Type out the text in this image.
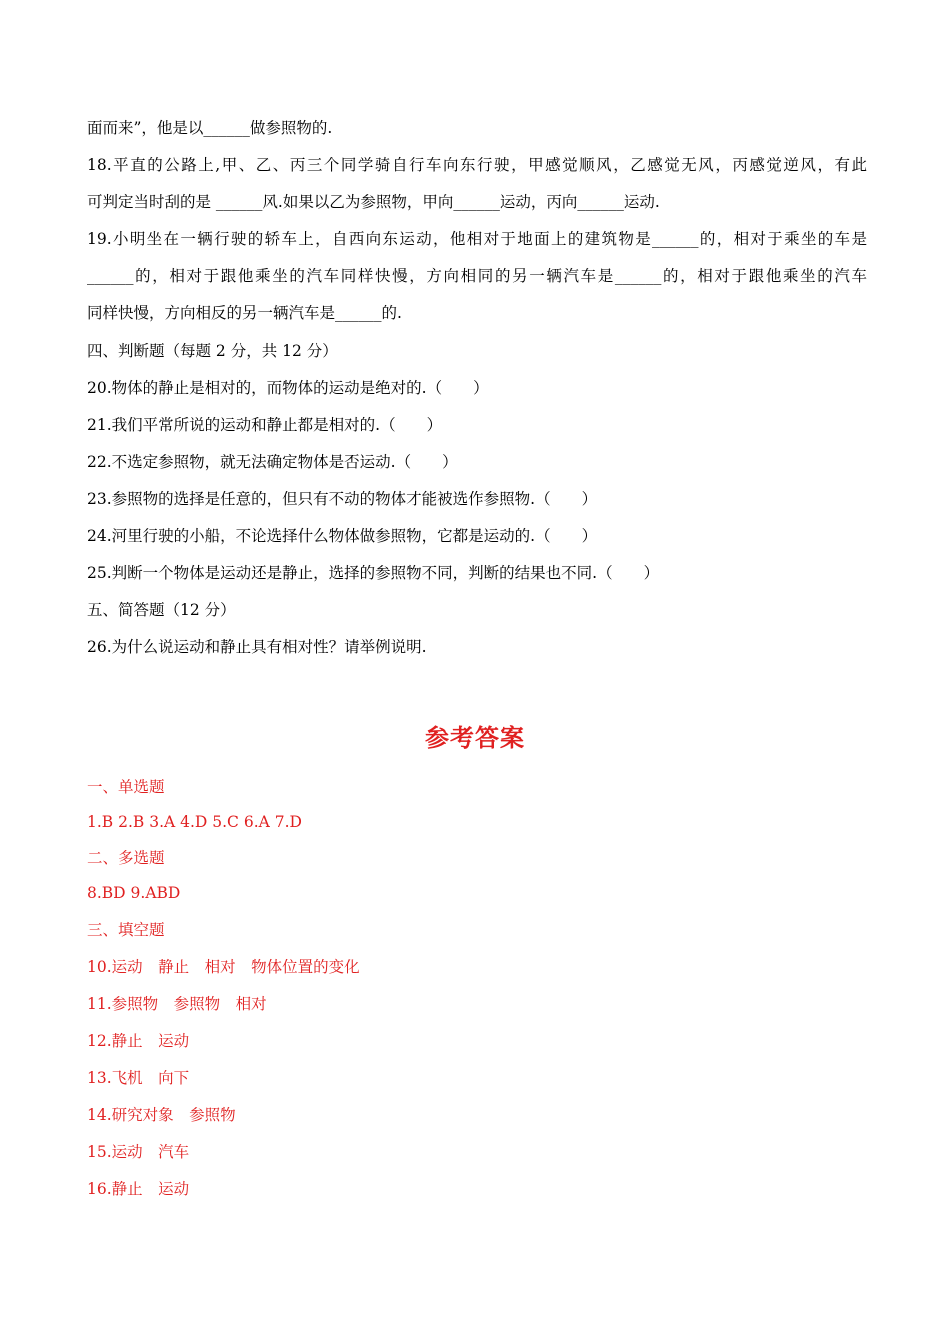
面而来”，他是以______做参照物的.
18.平直的公路上,甲、乙、丙三个同学骑自行车向东行驶，甲感觉顺风，乙感觉无风，丙感觉逆风，有此
可判定当时刮的是 ______风.如果以乙为参照物，甲向______运动，丙向______运动.
19.小明坐在一辆行驶的轿车上，自西向东运动，他相对于地面上的建筑物是______的，相对于乘坐的车是
______的，相对于跟他乘坐的汽车同样快慢，方向相同的另一辆汽车是______的，相对于跟他乘坐的汽车
同样快慢，方向相反的另一辆汽车是______的.
四、判断题（每题 2 分，共 12 分）
20.物体的静止是相对的，而物体的运动是绝对的.（　　）
21.我们平常所说的运动和静止都是相对的.（　　）
22.不选定参照物，就无法确定物体是否运动.（　　）
23.参照物的选择是任意的，但只有不动的物体才能被选作参照物.（　　）
24.河里行驶的小船，不论选择什么物体做参照物，它都是运动的.（　　）
25.判断一个物体是运动还是静止，选择的参照物不同，判断的结果也不同.（　　）
五、简答题（12 分）
26.为什么说运动和静止具有相对性？请举例说明.
参考答案
一、单选题
1.B 2.B 3.A 4.D 5.C 6.A 7.D
二、多选题
8.BD 9.ABD
三、填空题
10.运动　静止　相对　物体位置的变化
11.参照物　参照物　相对
12.静止　运动
13.飞机　向下
14.研究对象　参照物
15.运动　汽车
16.静止　运动
